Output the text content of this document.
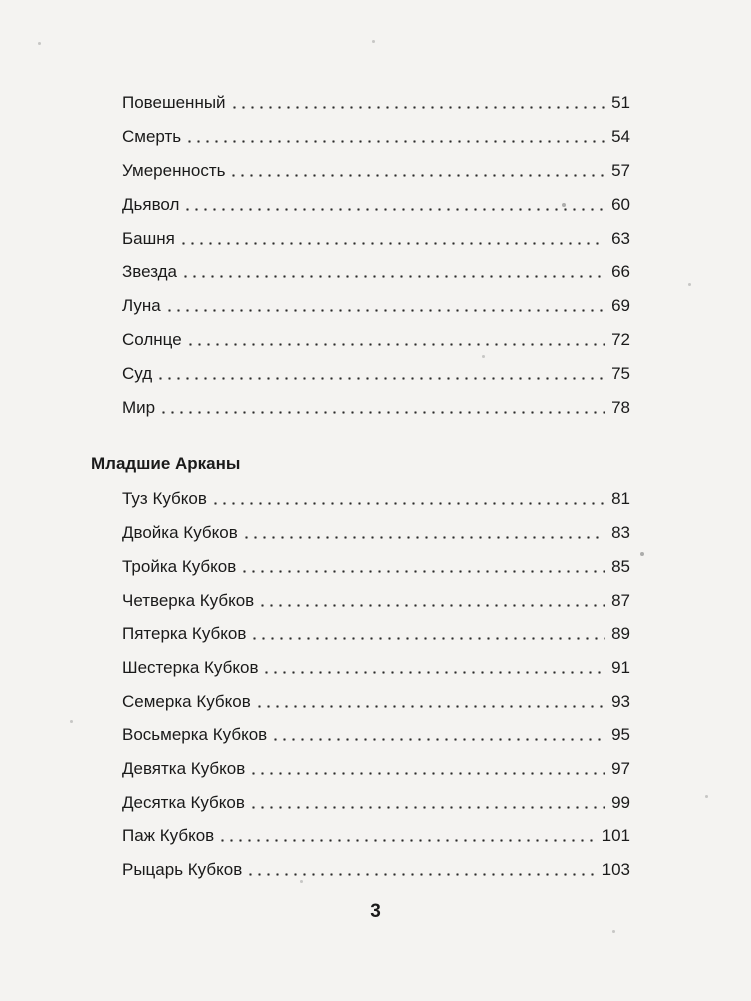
Повешенный	51
Смерть	54
Умеренность	57
Дьявол	60
Башня	63
Звезда	66
Луна	69
Солнце	72
Суд	75
Мир	78
Младшие Арканы
Туз Кубков	81
Двойка Кубков	83
Тройка Кубков	85
Четверка Кубков	87
Пятерка Кубков	89
Шестерка Кубков	91
Семерка Кубков	93
Восьмерка Кубков	95
Девятка Кубков	97
Десятка Кубков	99
Паж Кубков	101
Рыцарь Кубков	103
3
